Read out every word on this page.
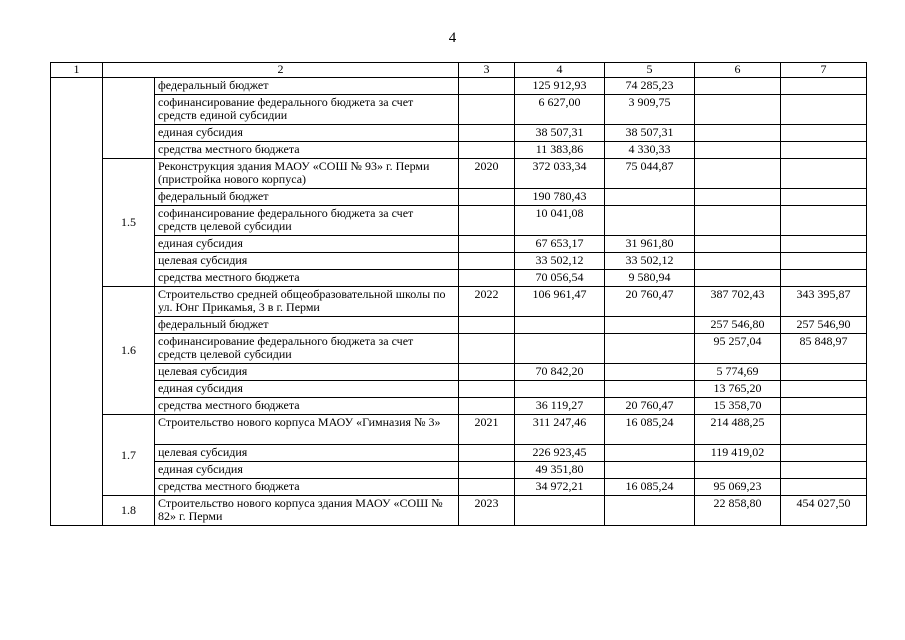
4
1	2		3	4	5	6	7
		федеральный бюджет		125 912,93	74 285,23		
		софинансирование федерального бюджета за счет средств единой субсидии		6 627,00	3 909,75		
		единая субсидия		38 507,31	38 507,31		
		средства местного бюджета		11 383,86	4 330,33		
	1.5	Реконструкция здания МАОУ «СОШ № 93» г. Перми (пристройка нового корпуса)	2020	372 033,34	75 044,87		
		федеральный бюджет		190 780,43			
		софинансирование федерального бюджета за счет средств целевой субсидии		10 041,08			
		единая субсидия		67 653,17	31 961,80		
		целевая субсидия		33 502,12	33 502,12		
		средства местного бюджета		70 056,54	9 580,94		
	1.6	Строительство средней общеобразовательной школы по ул. Юнг Прикамья, 3 в г. Перми	2022	106 961,47	20 760,47	387 702,43	343 395,87
		федеральный бюджет				257 546,80	257 546,90
		софинансирование федерального бюджета за счет средств целевой субсидии				95 257,04	85 848,97
		целевая субсидия		70 842,20		5 774,69	
		единая субсидия				13 765,20	
		средства местного бюджета		36 119,27	20 760,47	15 358,70	
	1.7	Строительство нового корпуса МАОУ «Гимназия № 3»	2021	311 247,46	16 085,24	214 488,25	
		целевая субсидия		226 923,45		119 419,02	
		единая субсидия		49 351,80			
		средства местного бюджета		34 972,21	16 085,24	95 069,23	
	1.8	Строительство нового корпуса здания МАОУ «СОШ № 82» г. Перми	2023			22 858,80	454 027,50
